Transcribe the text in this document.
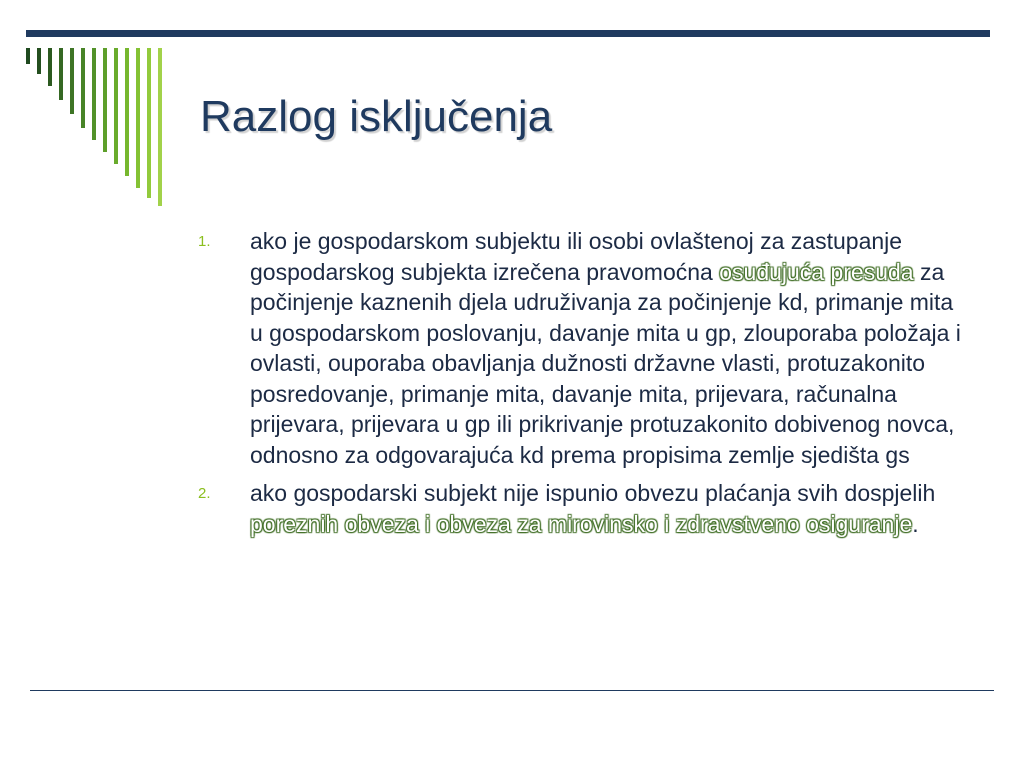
Razlog isključenja
1.	ako je gospodarskom subjektu ili osobi ovlaštenoj za zastupanje gospodarskog subjekta izrečena pravomoćna osuđujuća presuda za počinjenje kaznenih djela udruživanja za počinjenje kd, primanje mita u gospodarskom poslovanju, davanje mita u gp, zlouporaba položaja i ovlasti, ouporaba obavljanja dužnosti državne vlasti, protuzakonito posredovanje, primanje mita, davanje mita, prijevara, računalna prijevara, prijevara u gp ili prikrivanje protuzakonito dobivenog novca, odnosno za odgovarajuća kd prema propisima zemlje sjedišta gs
2.	ako gospodarski subjekt nije ispunio obvezu plaćanja svih dospjelih poreznih obveza i obveza za mirovinsko i zdravstveno osiguranje.
